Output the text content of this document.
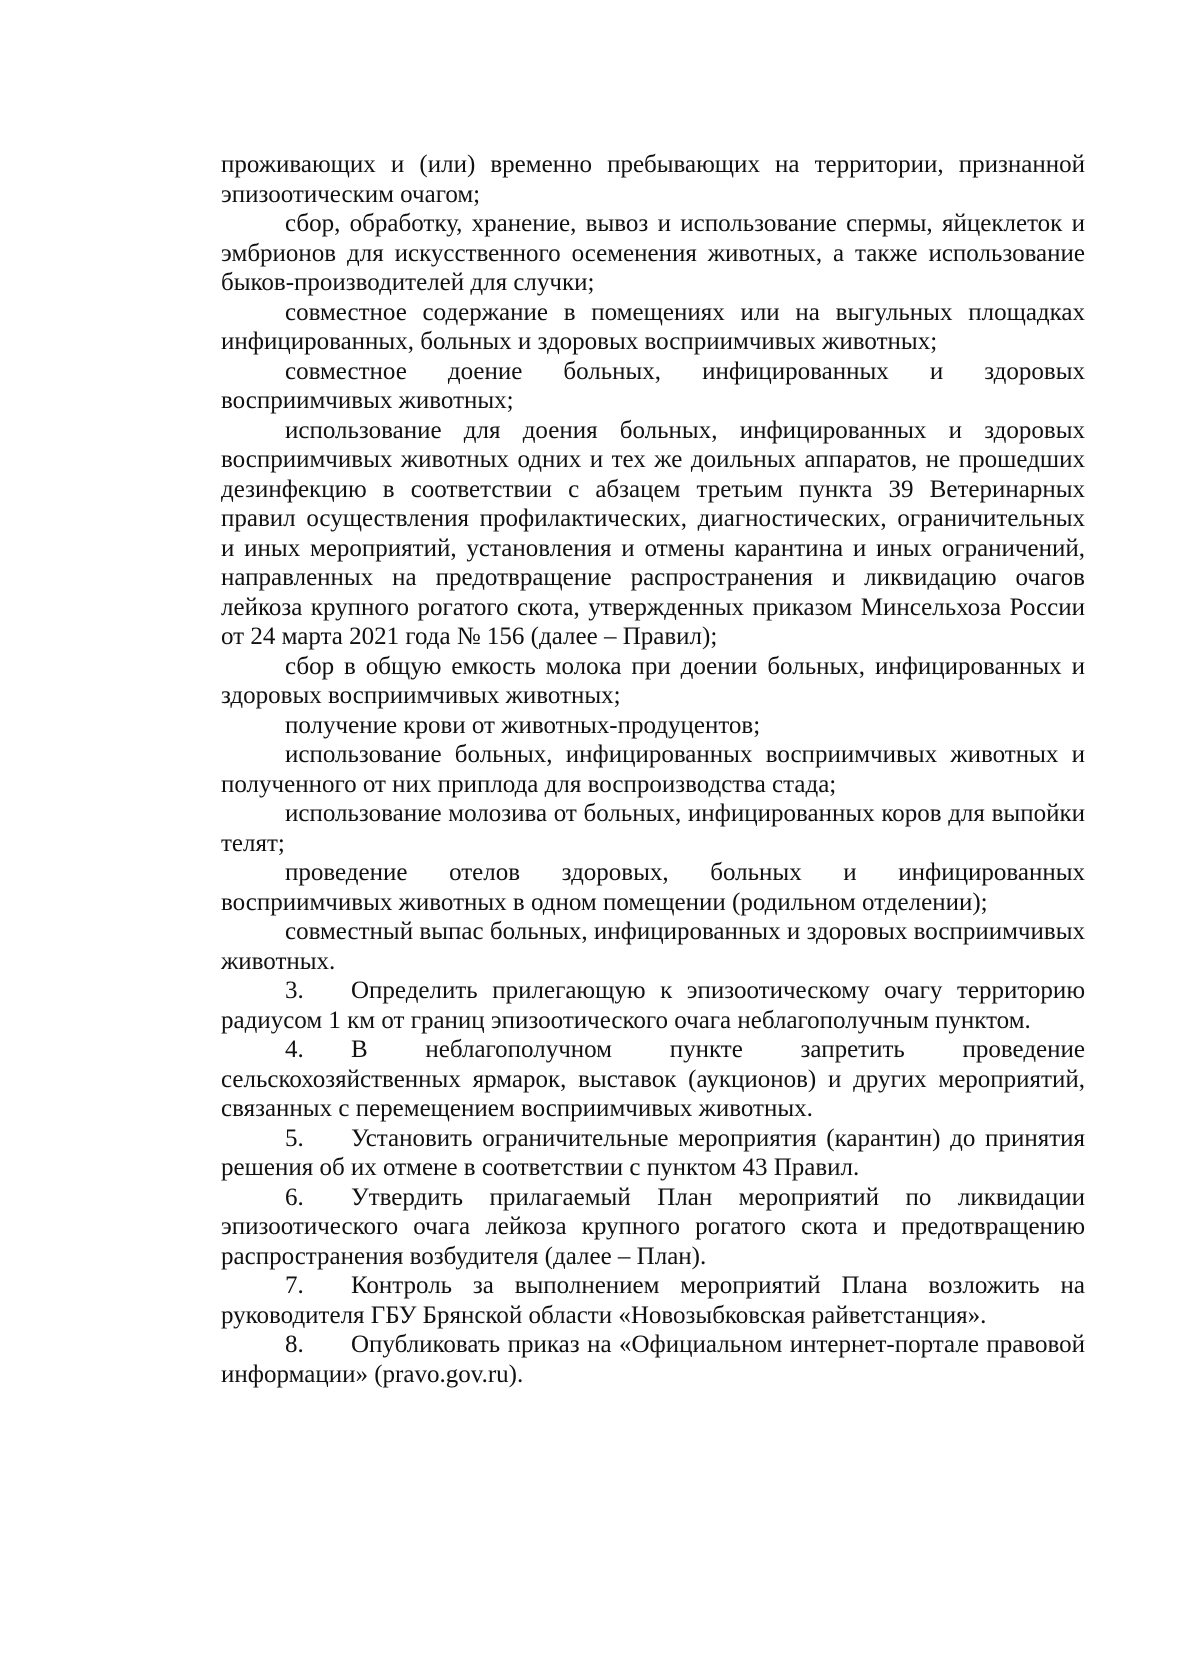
проживающих и (или) временно пребывающих на территории, признанной эпизоотическим очагом;

сбор, обработку, хранение, вывоз и использование спермы, яйцеклеток и эмбрионов для искусственного осеменения животных, а также использование быков-производителей для случки;

совместное содержание в помещениях или на выгульных площадках инфицированных, больных и здоровых восприимчивых животных;

совместное доение больных, инфицированных и здоровых восприимчивых животных;

использование для доения больных, инфицированных и здоровых восприимчивых животных одних и тех же доильных аппаратов, не прошедших дезинфекцию в соответствии с абзацем третьим пункта 39 Ветеринарных правил осуществления профилактических, диагностических, ограничительных и иных мероприятий, установления и отмены карантина и иных ограничений, направленных на предотвращение распространения и ликвидацию очагов лейкоза крупного рогатого скота, утвержденных приказом Минсельхоза России от 24 марта 2021 года № 156 (далее – Правил);

сбор в общую емкость молока при доении больных, инфицированных и здоровых восприимчивых животных;

получение крови от животных-продуцентов;

использование больных, инфицированных восприимчивых животных и полученного от них приплода для воспроизводства стада;

использование молозива от больных, инфицированных коров для выпойки телят;

проведение отелов здоровых, больных и инфицированных восприимчивых животных в одном помещении (родильном отделении);

совместный выпас больных, инфицированных и здоровых восприимчивых животных.

3. Определить прилегающую к эпизоотическому очагу территорию радиусом 1 км от границ эпизоотического очага неблагополучным пунктом.

4. В неблагополучном пункте запретить проведение сельскохозяйственных ярмарок, выставок (аукционов) и других мероприятий, связанных с перемещением восприимчивых животных.

5. Установить ограничительные мероприятия (карантин) до принятия решения об их отмене в соответствии с пунктом 43 Правил.

6. Утвердить прилагаемый План мероприятий по ликвидации эпизоотического очага лейкоза крупного рогатого скота и предотвращению распространения возбудителя (далее – План).

7. Контроль за выполнением мероприятий Плана возложить на руководителя ГБУ Брянской области «Новозыбковская райветстанция».

8. Опубликовать приказ на «Официальном интернет-портале правовой информации» (pravo.gov.ru).
